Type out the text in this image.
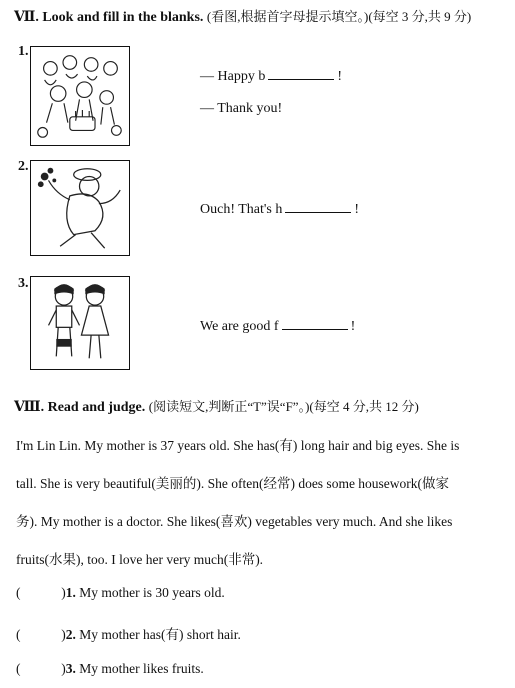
Ⅶ. Look and fill in the blanks. (看图,根据首字母提示填空。)(每空 3 分,共 9 分)
1.
— Happy b	!
— Thank you!
2.
Ouch! That's h	!
3.
We are good f	!
Ⅷ. Read and judge. (阅读短文,判断正“T”误“F”。)(每空 4 分,共 12 分)
I'm Lin Lin. My mother is 37 years old. She has(有) long hair and big eyes. She is
tall. She is very beautiful(美丽的). She often(经常) does some housework(做家
务). My mother is a doctor. She likes(喜欢) vegetables very much. And she likes
fruits(水果), too. I love her very much(非常).
(	)1. My mother is 30 years old.
(	)2. My mother has(有) short hair.
(	)3. My mother likes fruits.
